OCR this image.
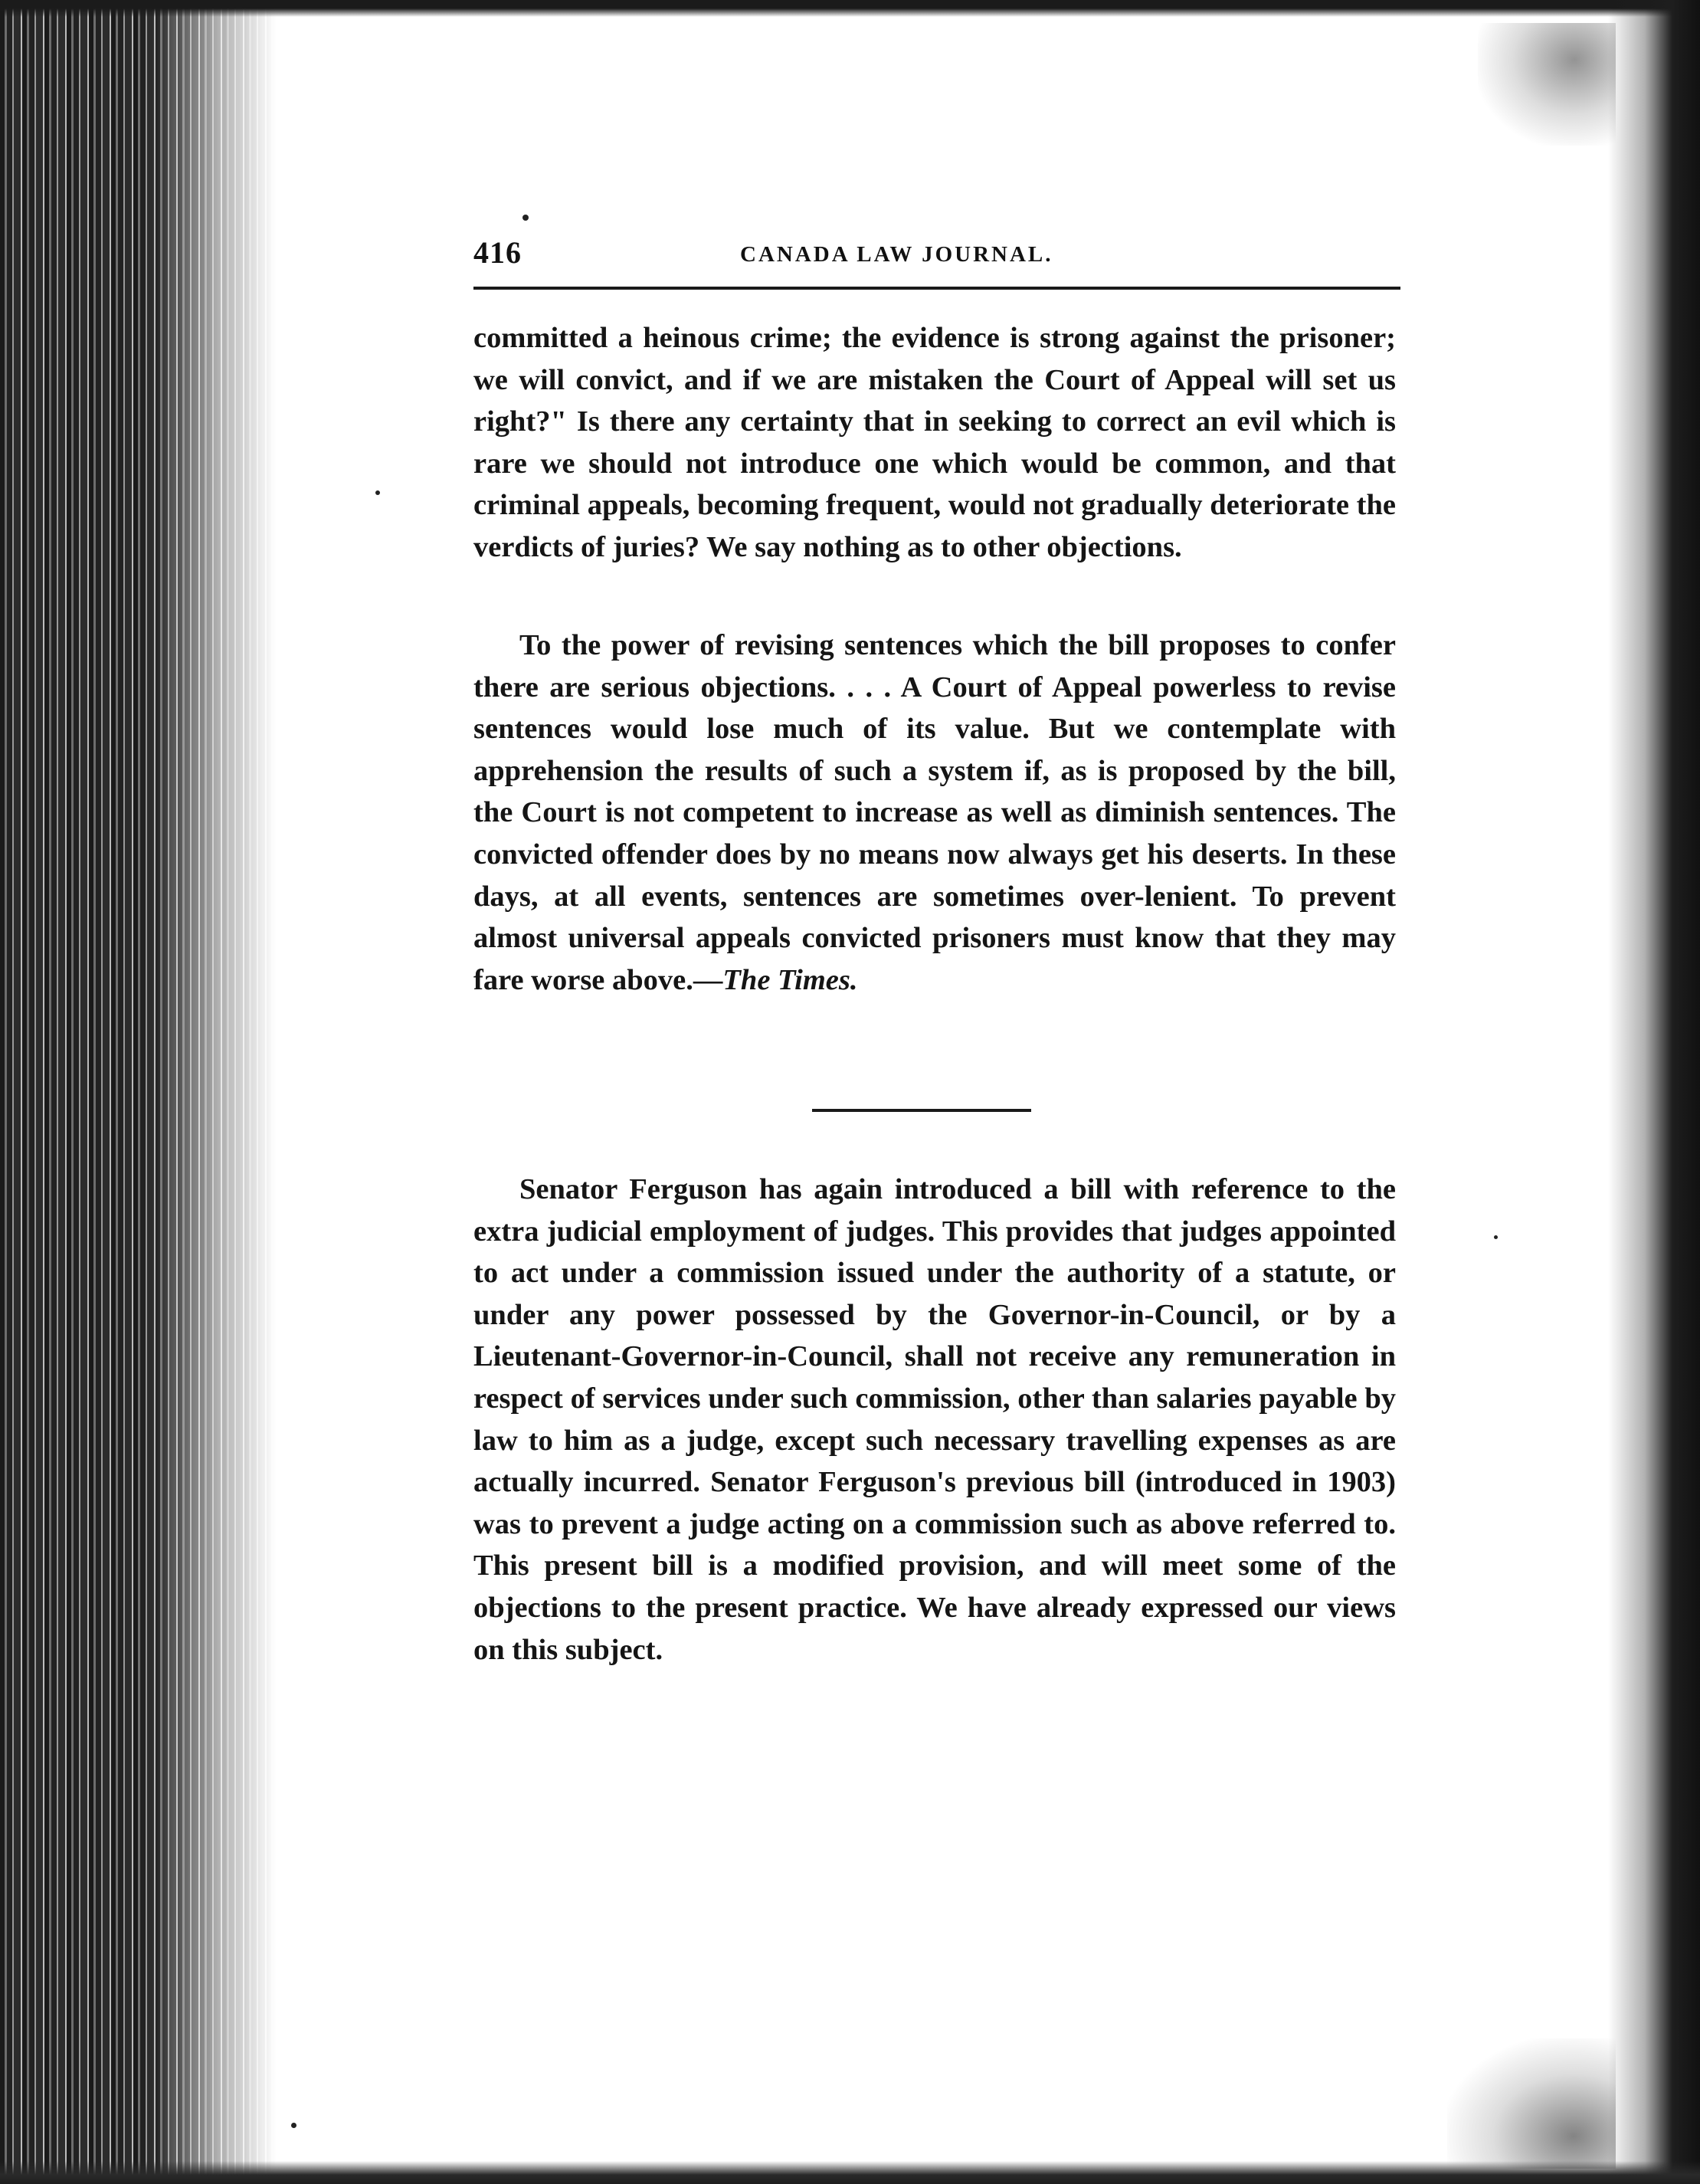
416	CANADA LAW JOURNAL.

committed a heinous crime; the evidence is strong against the prisoner; we will convict, and if we are mistaken the Court of Appeal will set us right?" Is there any certainty that in seeking to correct an evil which is rare we should not introduce one which would be common, and that criminal appeals, becoming frequent, would not gradually deteriorate the verdicts of juries? We say nothing as to other objections.

To the power of revising sentences which the bill proposes to confer there are serious objections. . . . A Court of Appeal powerless to revise sentences would lose much of its value. But we contemplate with apprehension the results of such a system if, as is proposed by the bill, the Court is not competent to increase as well as diminish sentences. The convicted offender does by no means now always get his deserts. In these days, at all events, sentences are sometimes over-lenient. To prevent almost universal appeals convicted prisoners must know that they may fare worse above.—The Times.

Senator Ferguson has again introduced a bill with reference to the extra judicial employment of judges. This provides that judges appointed to act under a commission issued under the authority of a statute, or under any power possessed by the Governor-in-Council, or by a Lieutenant-Governor-in-Council, shall not receive any remuneration in respect of services under such commission, other than salaries payable by law to him as a judge, except such necessary travelling expenses as are actually incurred. Senator Ferguson's previous bill (introduced in 1903) was to prevent a judge acting on a commission such as above referred to. This present bill is a modified provision, and will meet some of the objections to the present practice. We have already expressed our views on this subject.
